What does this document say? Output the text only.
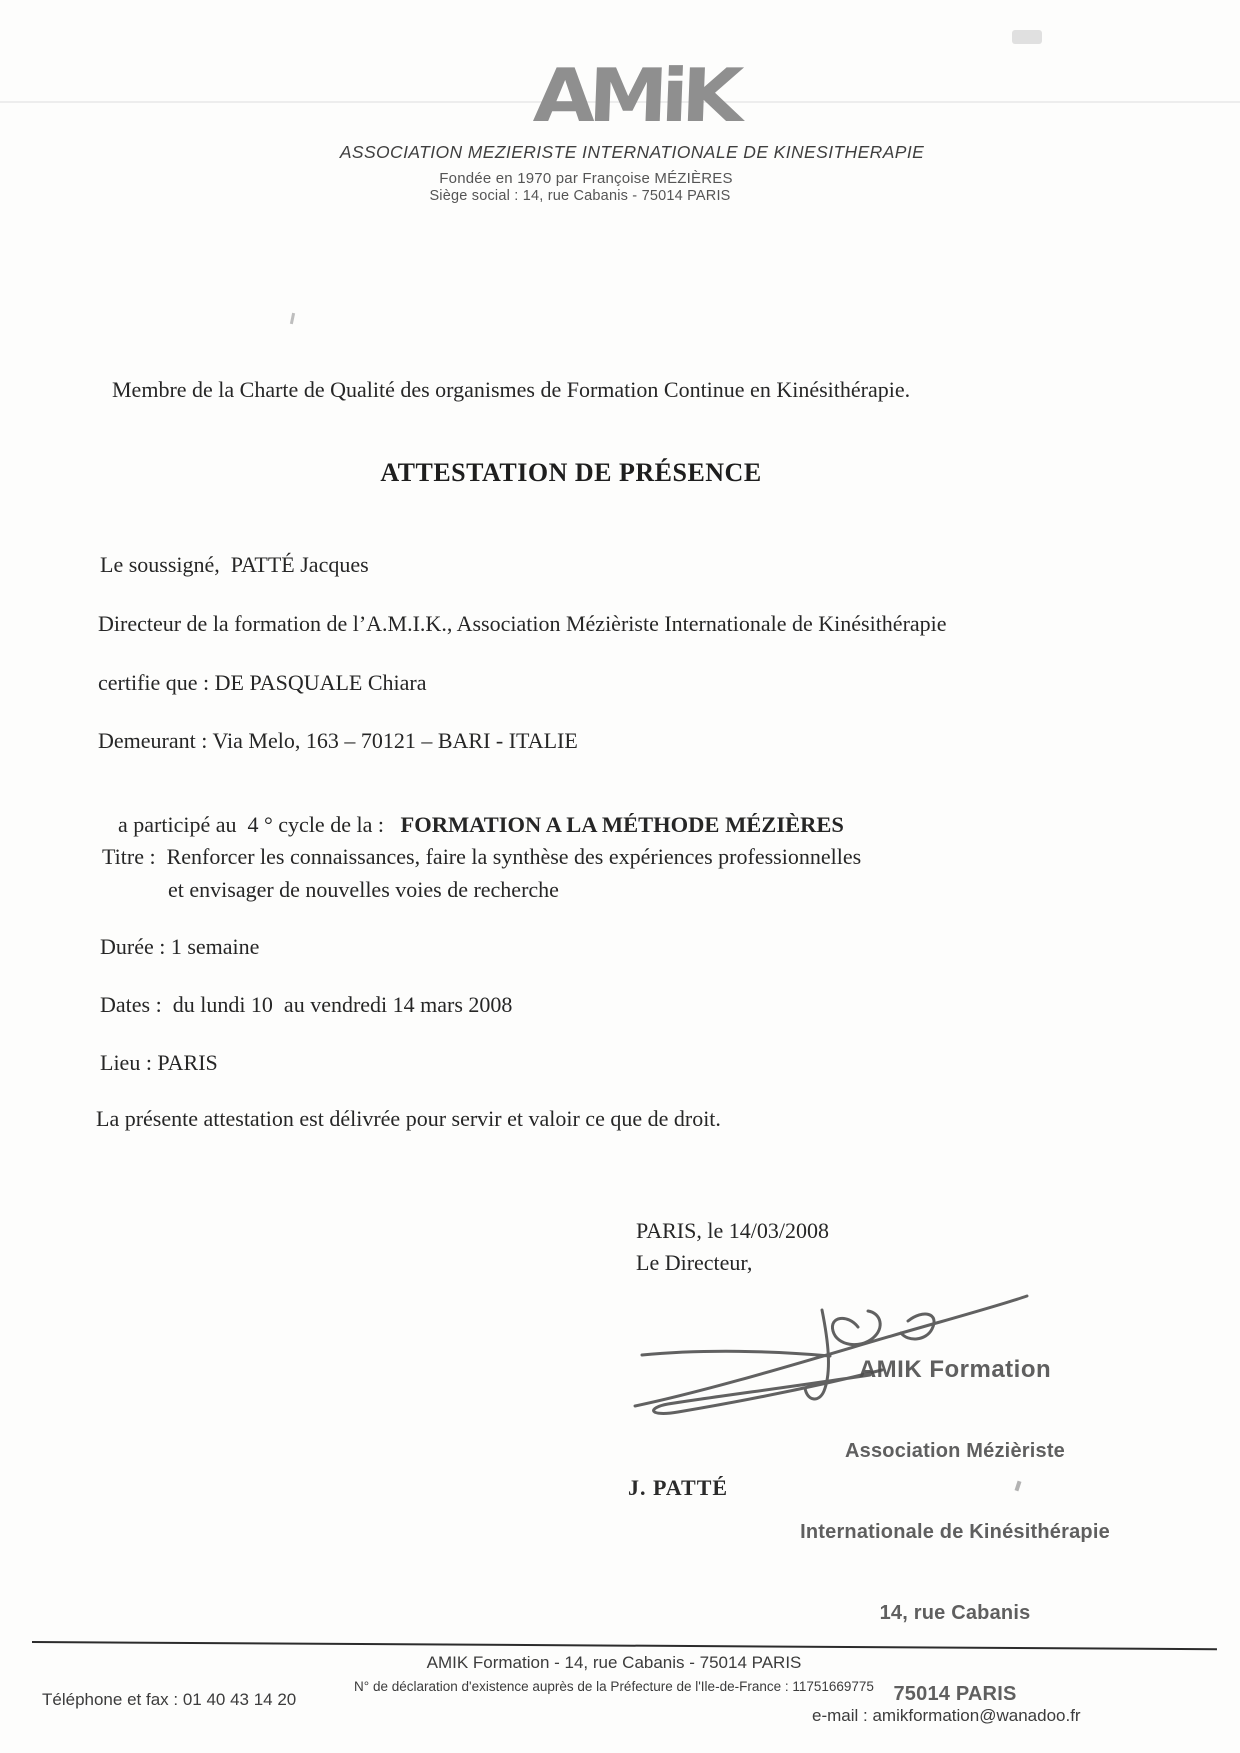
AMiK
ASSOCIATION MEZIERISTE INTERNATIONALE DE KINESITHERAPIE
Fondée en 1970 par Françoise MÉZIÈRES
Siège social : 14, rue Cabanis - 75014 PARIS
Membre de la Charte de Qualité des organismes de Formation Continue en Kinésithérapie.
ATTESTATION DE PRÉSENCE
Le soussigné,  PATTÉ Jacques
Directeur de la formation de l’A.M.I.K., Association Mézièriste Internationale de Kinésithérapie
certifie que : DE PASQUALE Chiara
Demeurant : Via Melo, 163 – 70121 – BARI - ITALIE

a participé au  4 ° cycle de la :   FORMATION A LA MÉTHODE MÉZIÈRES

Titre :  Renforcer les connaissances, faire la synthèse des expériences professionnelles
et envisager de nouvelles voies de recherche
Durée : 1 semaine
Dates :  du lundi 10  au vendredi 14 mars 2008
Lieu : PARIS
La présente attestation est délivrée pour servir et valoir ce que de droit.
PARIS, le 14/03/2008
Le Directeur,

AMIK Formation

Association Mézièriste

Internationale de Kinésithérapie

14, rue Cabanis

75014 PARIS

J. PATTÉ
AMIK Formation - 14, rue Cabanis - 75014 PARIS
N° de déclaration d'existence auprès de la Préfecture de l'Ile-de-France : 11751669775
Téléphone et fax : 01 40 43 14 20
e-mail : amikformation@wanadoo.fr
